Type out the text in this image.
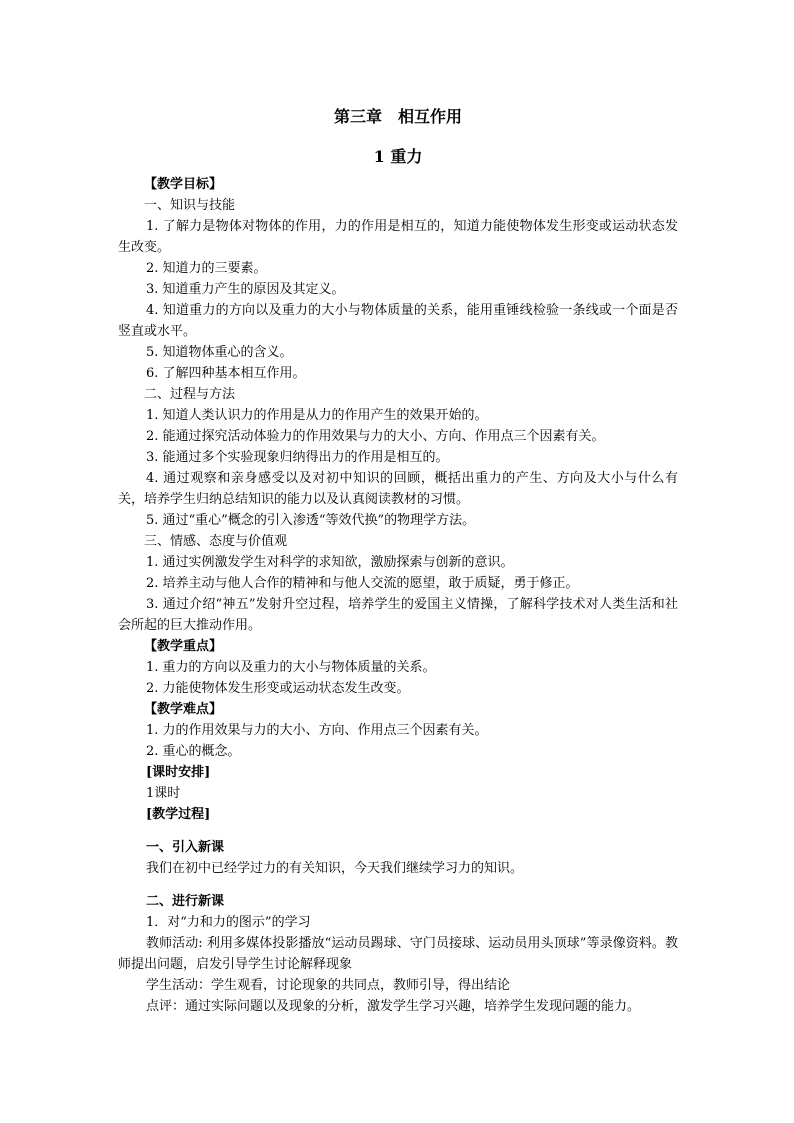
第三章　相互作用
1 重力
【教学目标】
一、知识与技能
1. 了解力是物体对物体的作用，力的作用是相互的，知道力能使物体发生形变或运动状态发生改变。
2. 知道力的三要素。
3. 知道重力产生的原因及其定义。
4. 知道重力的方向以及重力的大小与物体质量的关系，能用重锤线检验一条线或一个面是否竖直或水平。
5. 知道物体重心的含义。
6. 了解四种基本相互作用。
二、过程与方法
1. 知道人类认识力的作用是从力的作用产生的效果开始的。
2. 能通过探究活动体验力的作用效果与力的大小、方向、作用点三个因素有关。
3. 能通过多个实验现象归纳得出力的作用是相互的。
4. 通过观察和亲身感受以及对初中知识的回顾，概括出重力的产生、方向及大小与什么有关，培养学生归纳总结知识的能力以及认真阅读教材的习惯。
5. 通过“重心”概念的引入渗透“等效代换”的物理学方法。
三、情感、态度与价值观
1. 通过实例激发学生对科学的求知欲，激励探索与创新的意识。
2. 培养主动与他人合作的精神和与他人交流的愿望，敢于质疑，勇于修正。
3. 通过介绍“神五”发射升空过程，培养学生的爱国主义情操，了解科学技术对人类生活和社会所起的巨大推动作用。
【教学重点】
1. 重力的方向以及重力的大小与物体质量的关系。
2. 力能使物体发生形变或运动状态发生改变。
【教学难点】
1. 力的作用效果与力的大小、方向、作用点三个因素有关。
2. 重心的概念。
[课时安排]
1课时
[教学过程]
一、引入新课
我们在初中已经学过力的有关知识，今天我们继续学习力的知识。
二、进行新课
1．对“力和力的图示”的学习
教师活动: 利用多媒体投影播放“运动员踢球、守门员接球、运动员用头顶球”等录像资料。教师提出问题，启发引导学生讨论解释现象
学生活动：学生观看，讨论现象的共同点，教师引导，得出结论
点评：通过实际问题以及现象的分析，激发学生学习兴趣，培养学生发现问题的能力。
